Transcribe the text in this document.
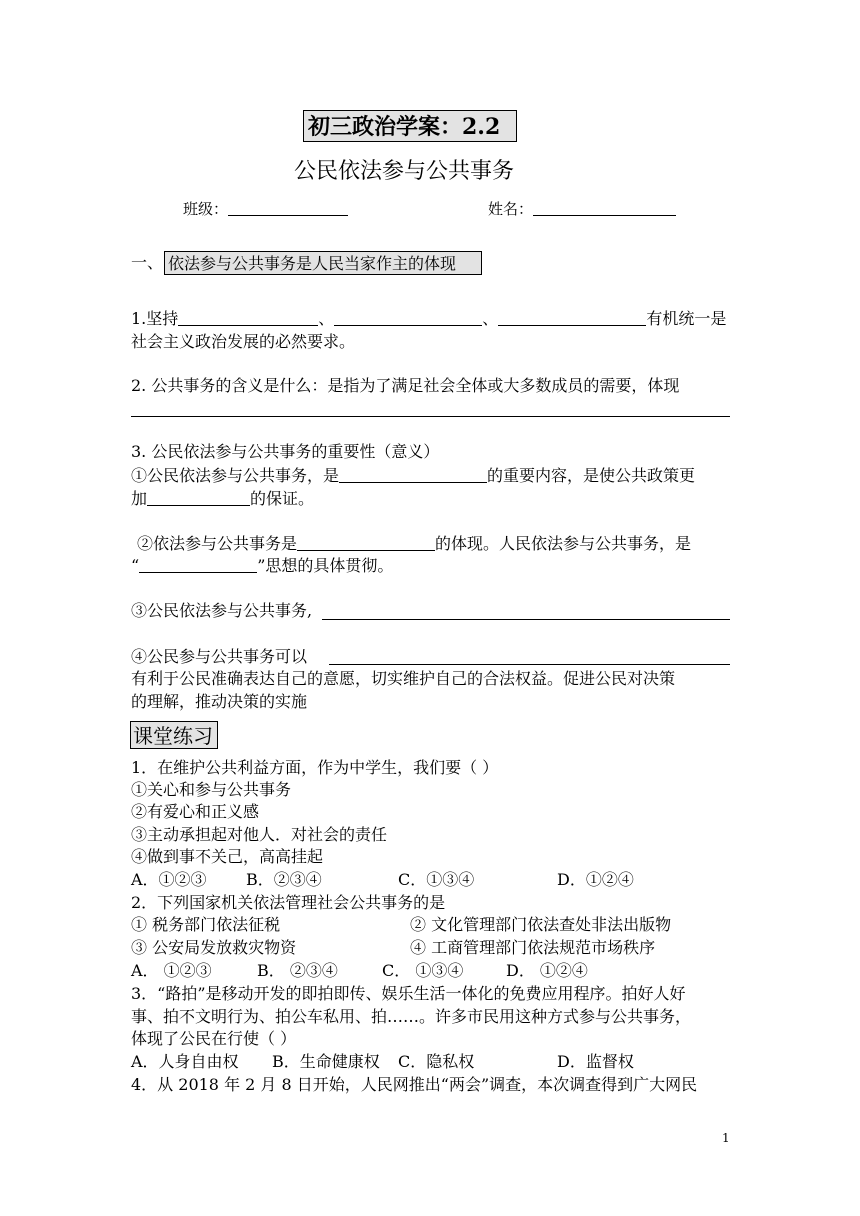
初三政治学案：2.2
公民依法参与公共事务
班级：	姓名：
一、 依法参与公共事务是人民当家作主的体现
1.坚持	、	、	有机统一是
社会主义政治发展的必然要求。
2. 公共事务的含义是什么：是指为了满足社会全体或大多数成员的需要，体现
3. 公民依法参与公共事务的重要性（意义）
①公民依法参与公共事务，是	的重要内容，是使公共政策更
加	的保证。
②依法参与公共事务是	的体现。人民依法参与公共事务，是
“	”思想的具体贯彻。
③公民依法参与公共事务,
④公民参与公共事务可以
有利于公民准确表达自己的意愿，切实维护自己的合法权益。促进公民对决策
的理解，推动决策的实施
课堂练习
1．在维护公共利益方面，作为中学生，我们要（ ）
①关心和参与公共事务
②有爱心和正义感
③主动承担起对他人．对社会的责任
④做到事不关己，高高挂起
A．①②③ B．②③④	C．①③④	D．①②④
2．下列国家机关依法管理社会公共事务的是
① 税务部门依法征税	② 文化管理部门依法查处非法出版物
③ 公安局发放救灾物资	④ 工商管理部门依法规范市场秩序
A． ①②③	B． ②③④	C． ①③④	D． ①②④
3．“路拍”是移动开发的即拍即传、娱乐生活一体化的免费应用程序。拍好人好
事、拍不文明行为、拍公车私用、拍……。许多市民用这种方式参与公共事务，
体现了公民在行使（ ）
A．人身自由权 B．生命健康权 C．隐私权	D．监督权
4．从 2018 年 2 月 8 日开始，人民网推出“两会”调查，本次调查得到广大网民
1
